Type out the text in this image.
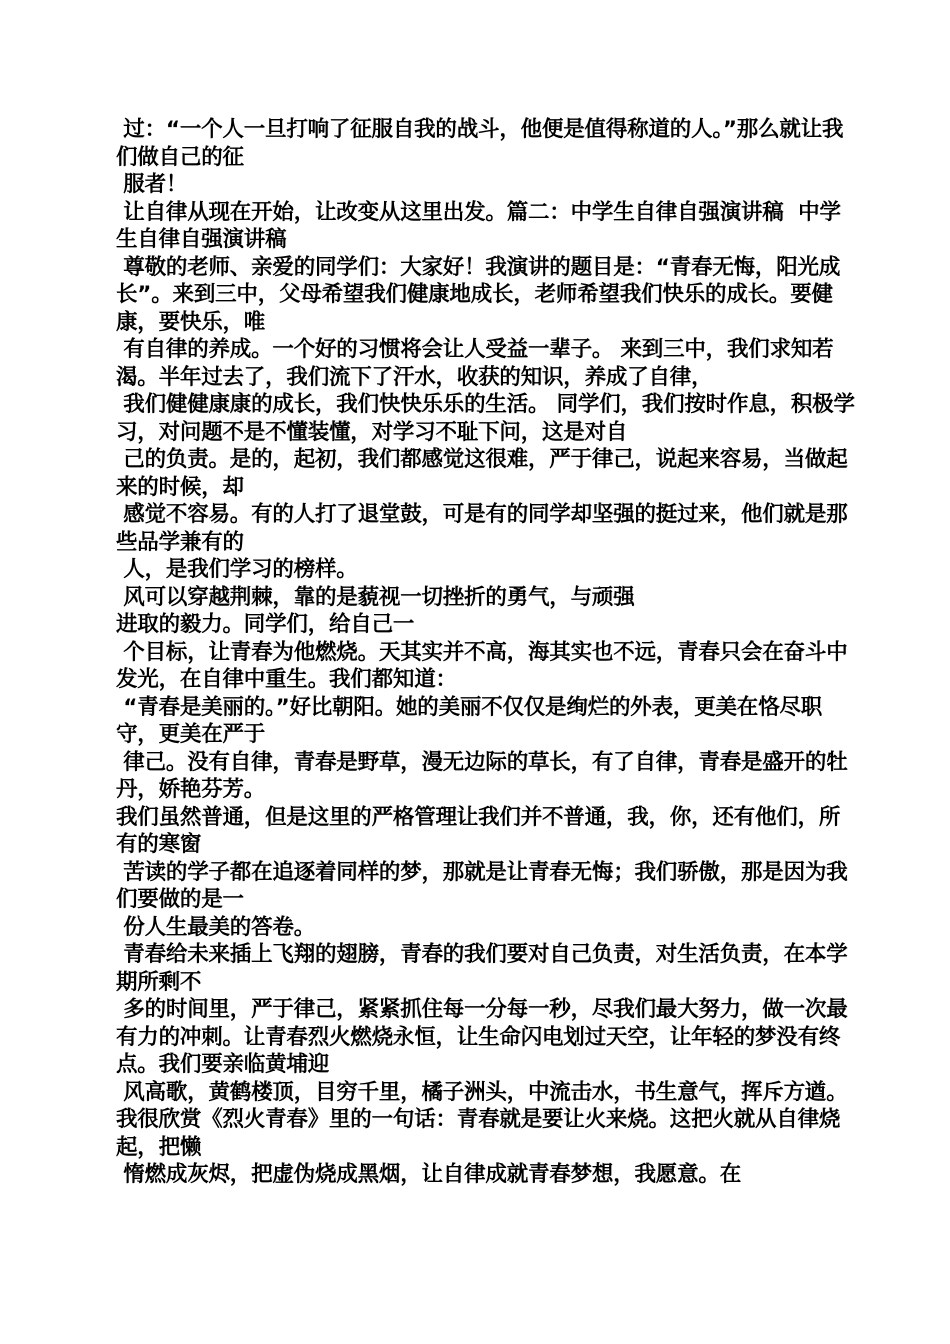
过：“一个人一旦打响了征服自我的战斗，他便是值得称道的人。”那么就让我们做自己的征

服者！

让自律从现在开始，让改变从这里出发。篇二：中学生自律自强演讲稿  中学生自律自强演讲稿

尊敬的老师、亲爱的同学们：大家好！我演讲的题目是：“青春无悔，阳光成长”。来到三中，父母希望我们健康地成长，老师希望我们快乐的成长。要健康，要快乐，唯

有自律的养成。一个好的习惯将会让人受益一辈子。 来到三中，我们求知若渴。半年过去了，我们流下了汗水，收获的知识，养成了自律，

我们健健康康的成长，我们快快乐乐的生活。 同学们，我们按时作息，积极学习，对问题不是不懂装懂，对学习不耻下问，这是对自

己的负责。是的，起初，我们都感觉这很难，严于律己，说起来容易，当做起来的时候，却

感觉不容易。有的人打了退堂鼓，可是有的同学却坚强的挺过来，他们就是那些品学兼有的

人，是我们学习的榜样。

风可以穿越荆棘，靠的是藐视一切挫折的勇气，与顽强

进取的毅力。同学们，给自己一

个目标，让青春为他燃烧。天其实并不高，海其实也不远，青春只会在奋斗中发光，在自律中重生。我们都知道：

“青春是美丽的。”好比朝阳。她的美丽不仅仅是绚烂的外表，更美在恪尽职守，更美在严于

律己。没有自律，青春是野草，漫无边际的草长，有了自律，青春是盛开的牡丹，娇艳芬芳。

我们虽然普通，但是这里的严格管理让我们并不普通，我，你，还有他们，所有的寒窗

苦读的学子都在追逐着同样的梦，那就是让青春无悔；我们骄傲，那是因为我们要做的是一

份人生最美的答卷。

青春给未来插上飞翔的翅膀，青春的我们要对自己负责，对生活负责，在本学期所剩不

多的时间里，严于律己，紧紧抓住每一分每一秒，尽我们最大努力，做一次最有力的冲刺。让青春烈火燃烧永恒，让生命闪电划过天空，让年轻的梦没有终点。我们要亲临黄埔迎

风高歌，黄鹤楼顶，目穷千里，橘子洲头，中流击水，书生意气，挥斥方遒。我很欣赏《烈火青春》里的一句话：青春就是要让火来烧。这把火就从自律烧起，把懒

惰燃成灰烬，把虚伪烧成黑烟，让自律成就青春梦想，我愿意。在
